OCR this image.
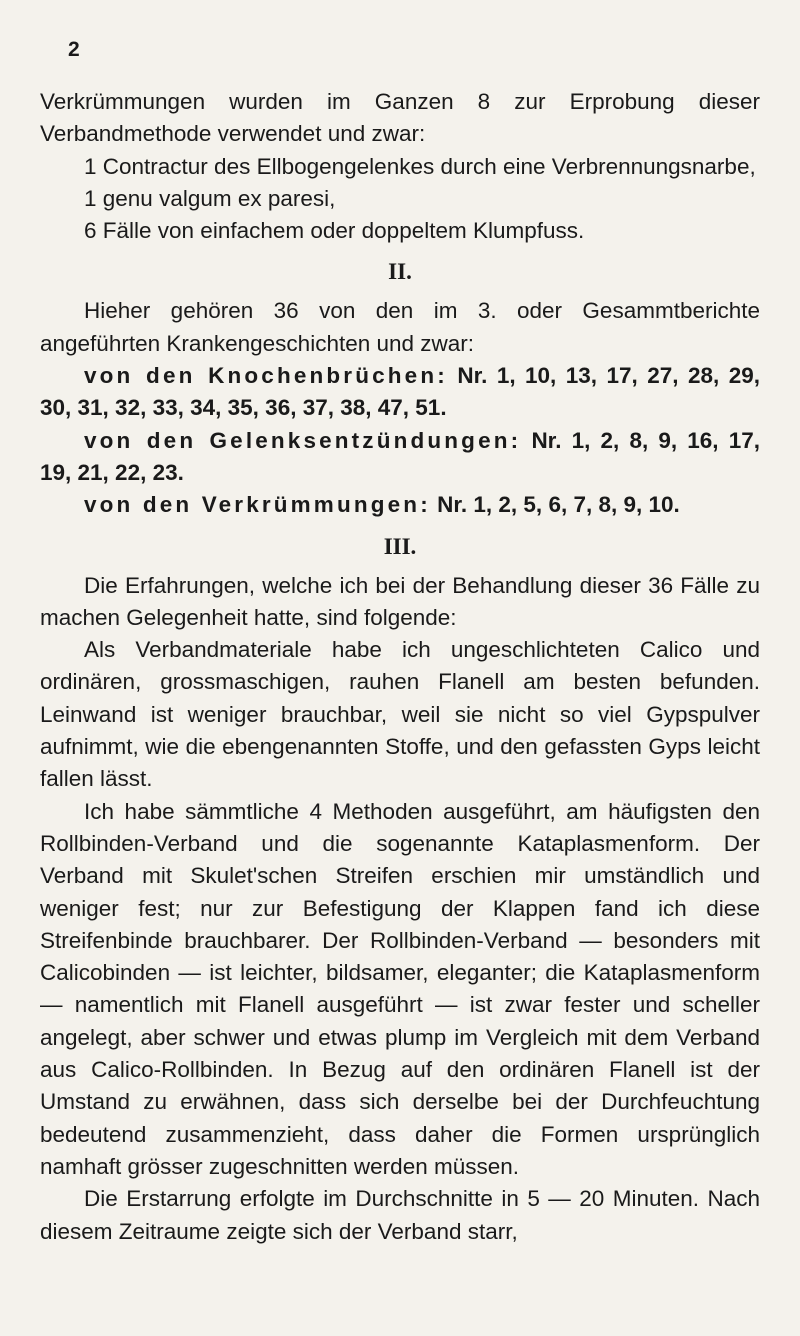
2

Verkrümmungen wurden im Ganzen 8 zur Erprobung dieser Verbandmethode verwendet und zwar:

1 Contractur des Ellbogengelenkes durch eine Verbrennungsnarbe,

1 genu valgum ex paresi,

6 Fälle von einfachem oder doppeltem Klumpfuss.

II.

Hieher gehören 36 von den im 3. oder Gesammtberichte angeführten Krankengeschichten und zwar:

von den Knochenbrüchen: Nr. 1, 10, 13, 17, 27, 28, 29, 30, 31, 32, 33, 34, 35, 36, 37, 38, 47, 51.

von den Gelenksentzündungen: Nr. 1, 2, 8, 9, 16, 17, 19, 21, 22, 23.

von den Verkrümmungen: Nr. 1, 2, 5, 6, 7, 8, 9, 10.

III.

Die Erfahrungen, welche ich bei der Behandlung dieser 36 Fälle zu machen Gelegenheit hatte, sind folgende:

Als Verbandmateriale habe ich ungeschlichteten Calico und ordinären, grossmaschigen, rauhen Flanell am besten befunden. Leinwand ist weniger brauchbar, weil sie nicht so viel Gypspulver aufnimmt, wie die ebengenannten Stoffe, und den gefassten Gyps leicht fallen lässt.

Ich habe sämmtliche 4 Methoden ausgeführt, am häufigsten den Rollbinden-Verband und die sogenannte Kataplasmenform. Der Verband mit Skulet'schen Streifen erschien mir umständlich und weniger fest; nur zur Befestigung der Klappen fand ich diese Streifenbinde brauchbarer. Der Rollbinden-Verband — besonders mit Calicobinden — ist leichter, bildsamer, eleganter; die Kataplasmenform — namentlich mit Flanell ausgeführt — ist zwar fester und scheller angelegt, aber schwer und etwas plump im Vergleich mit dem Verband aus Calico-Rollbinden. In Bezug auf den ordinären Flanell ist der Umstand zu erwähnen, dass sich derselbe bei der Durchfeuchtung bedeutend zusammenzieht, dass daher die Formen ursprünglich namhaft grösser zugeschnitten werden müssen.

Die Erstarrung erfolgte im Durchschnitte in 5 — 20 Minuten. Nach diesem Zeitraume zeigte sich der Verband starr,
